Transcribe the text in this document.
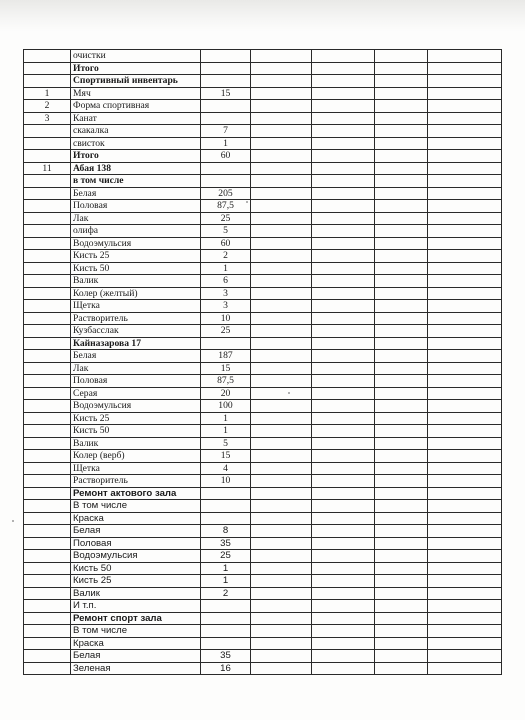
	очистки					
	Итого					
	Спортивный инвентарь					
1	Мяч	15				
2	Форма спортивная					
3	Канат					
	скакалка	7				
	свисток	1				
	Итого	60				
11	Абая 138					
	в том числе					
	Белая	205				
	Половая	87,5				
	Лак	25				
	олифа	5				
	Водоэмульсия	60				
	Кисть 25	2				
	Кисть 50	1				
	Валик	6				
	Колер (желтый)	3				
	Щетка	3				
	Растворитель	10				
	Кузбасслак	25				
	Кайназарова 17					
	Белая	187				
	Лак	15				
	Половая	87,5				
	Серая	20				
	Водоэмульсия	100				
	Кисть 25	1				
	Кисть 50	1				
	Валик	5				
	Колер (верб)	15				
	Щетка	4				
	Растворитель	10				
	Ремонт актового зала					
	В том числе					
	Краска					
	Белая	8				
	Половая	35				
	Водоэмульсия	25				
	Кисть 50	1				
	Кисть 25	1				
	Валик	2				
	И т.п.					
	Ремонт спорт зала					
	В том числе					
	Краска					
	Белая	35				
	Зеленая	16				
